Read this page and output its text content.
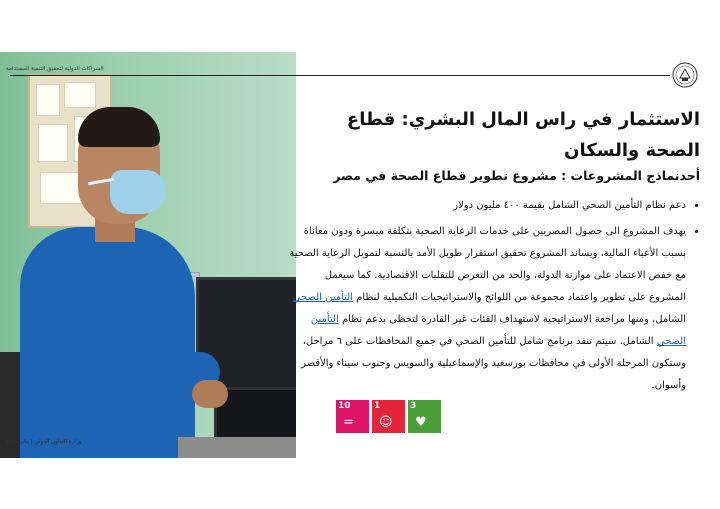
الشراكات الدولية لتحقيق التنمية المستدامة
الاستثمار في راس المال البشري: قطاع الصحة والسكان
أحدنماذج المشروعات : مشروع تطوير قطاع الصحة في مصر
• دعم نظام التأمين الصحي الشامل بقيمة ٤٠٠ مليون دولار
• يهدف المشروع الى حصول المصريين على خدمات الرعاية الصحية بتكلفة ميسرة ودون معاناة بسبب الأعباء المالية، ويساند المشروع تحقيق استقرار طويل الأمد بالنسبة لتمويل الرعاية الصحية مع خفض الاعتماد على موازنة الدولة، والحد من التعرض للتقلبات الاقتصادية. كما سيعمل المشروع على تطوير واعتماد مجموعة من اللوائح والاستراتيجيات التكميلية لنظام التأمين الصحي الشامل، ومنها مراجعة الاستراتيجية لاستهداف الفئات غير القادرة لتحظى بدعم نظام التأمين الصحي الشامل. سيتم تنفد برنامج شامل للتأمين الصحي في جميع المحافظات على ٦ مراحل، وستكون المرحلة الأولى في محافظات بورسعيد والإسماعيلية والسويس وجنوب سيناء والأقصر وأسوان.
3
♥
1
☺
10
=
وزارة التعاون الدولي | يناير ٢٠٢١
